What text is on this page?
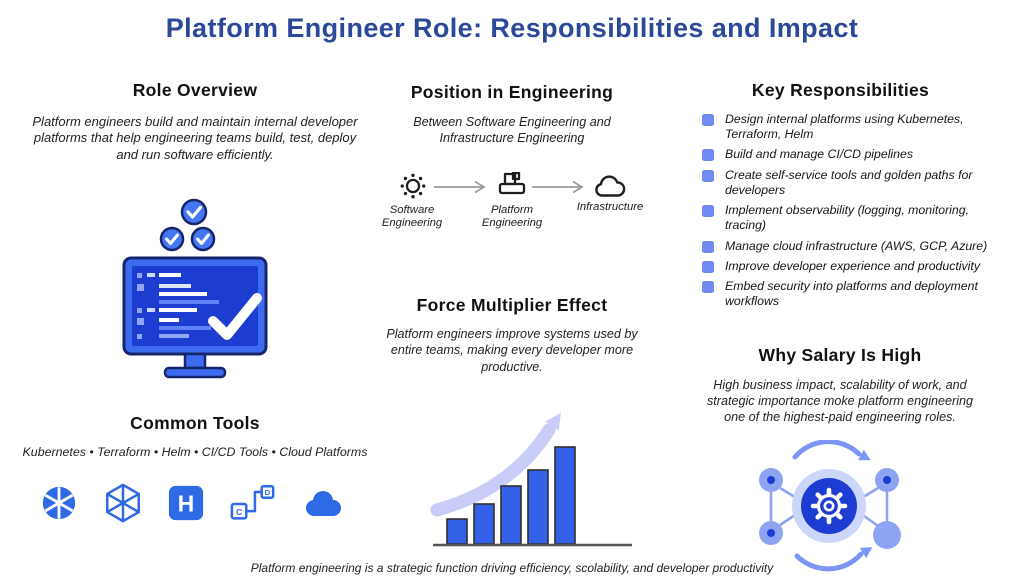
Platform Engineer Role: Responsibilities and Impact
Role Overview
Platform engineers build and maintain internal developer platforms that help engineering teams build, test, deploy and run software efficiently.
Common Tools
Kubernetes • Terraform • Helm • CI/CD Tools • Cloud Platforms
H	C
D
Position in Engineering
Between Software Engineering and Infrastructure Engineering
Software Engineering
Platform Engineering
Infrastructure
Force Multiplier Effect
Platform engineers improve systems used by entire teams, making every developer more productive.
Key Responsibilities
Design internal platforms using Kubernetes, Terraform, Helm
Build and manage CI/CD pipelines
Create self-service tools and golden paths for developers
Implement observability (logging, monitoring, tracing)
Manage cloud infrastructure (AWS, GCP, Azure)
Improve developer experience and productivity
Embed security into platforms and deployment workflows
Why Salary Is High
High business impact, scalability of work, and strategic importance moke platform engineering one of the highest-paid engineering roles.
Platform engineering is a strategic function driving efficiency, scolability, and developer productivity
